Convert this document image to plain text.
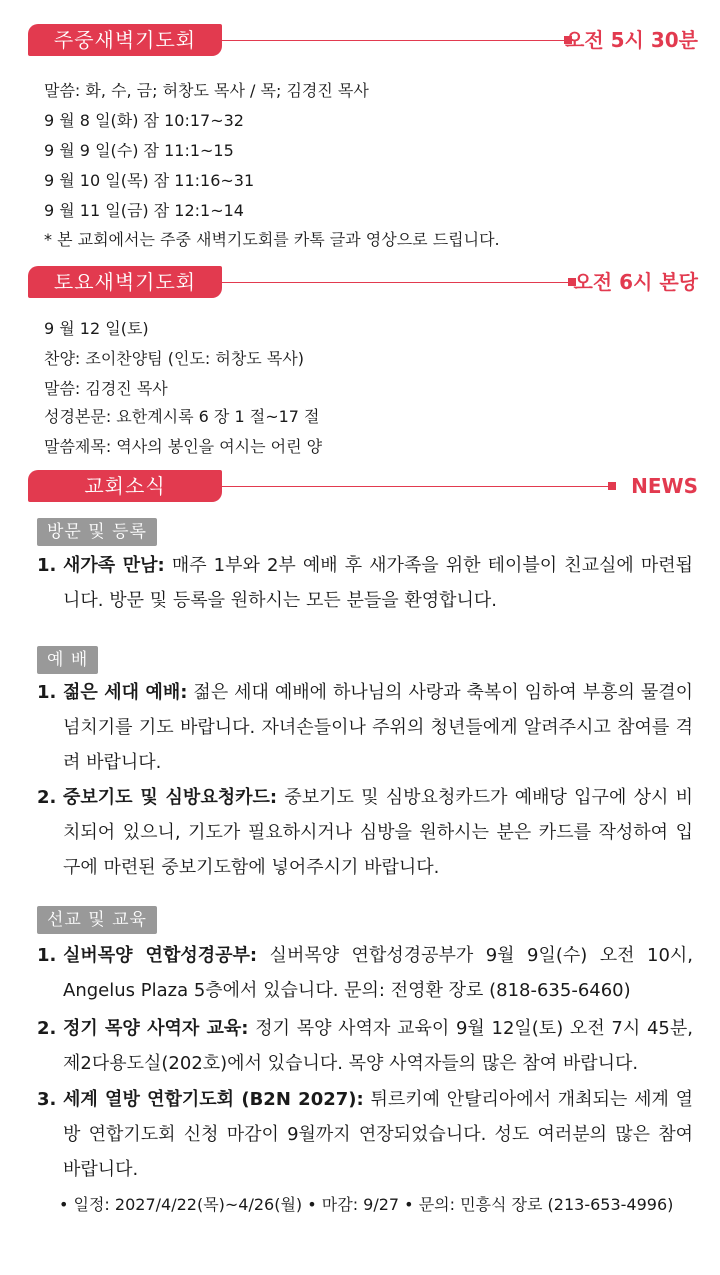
주중새벽기도회	오전 5시 30분
말씀: 화, 수, 금; 허창도 목사 / 목; 김경진 목사
9 월 8 일(화) 잠 10:17~32
9 월 9 일(수) 잠 11:1~15
9 월 10 일(목) 잠 11:16~31
9 월 11 일(금) 잠 12:1~14
* 본 교회에서는 주중 새벽기도회를 카톡 글과 영상으로 드립니다.
토요새벽기도회	오전 6시 본당
9 월 12 일(토)
찬양: 조이찬양팀 (인도: 허창도 목사)
말씀: 김경진 목사
성경본문: 요한계시록 6 장 1 절~17 절
말씀제목: 역사의 봉인을 여시는 어린 양
교회소식	NEWS
방문 및 등록
1. 새가족 만남: 매주 1부와 2부 예배 후 새가족을 위한 테이블이 친교실에 마련됩니다. 방문 및 등록을 원하시는 모든 분들을 환영합니다.
예 배
1. 젊은 세대 예배: 젊은 세대 예배에 하나님의 사랑과 축복이 임하여 부흥의 물결이 넘치기를 기도 바랍니다. 자녀손들이나 주위의 청년들에게 알려주시고 참여를 격려 바랍니다.
2. 중보기도 및 심방요청카드: 중보기도 및 심방요청카드가 예배당 입구에 상시 비치되어 있으니, 기도가 필요하시거나 심방을 원하시는 분은 카드를 작성하여 입구에 마련된 중보기도함에 넣어주시기 바랍니다.
선교 및 교육
1. 실버목양 연합성경공부: 실버목양 연합성경공부가 9월 9일(수) 오전 10시, Angelus Plaza 5층에서 있습니다. 문의: 전영환 장로 (818-635-6460)
2. 정기 목양 사역자 교육: 정기 목양 사역자 교육이 9월 12일(토) 오전 7시 45분, 제2다용도실(202호)에서 있습니다. 목양 사역자들의 많은 참여 바랍니다.
3. 세계 열방 연합기도회 (B2N 2027): 튀르키예 안탈리아에서 개최되는 세계 열방 연합기도회 신청 마감이 9월까지 연장되었습니다. 성도 여러분의 많은 참여 바랍니다.
• 일정: 2027/4/22(목)~4/26(월) • 마감: 9/27 • 문의: 민흥식 장로 (213-653-4996)
